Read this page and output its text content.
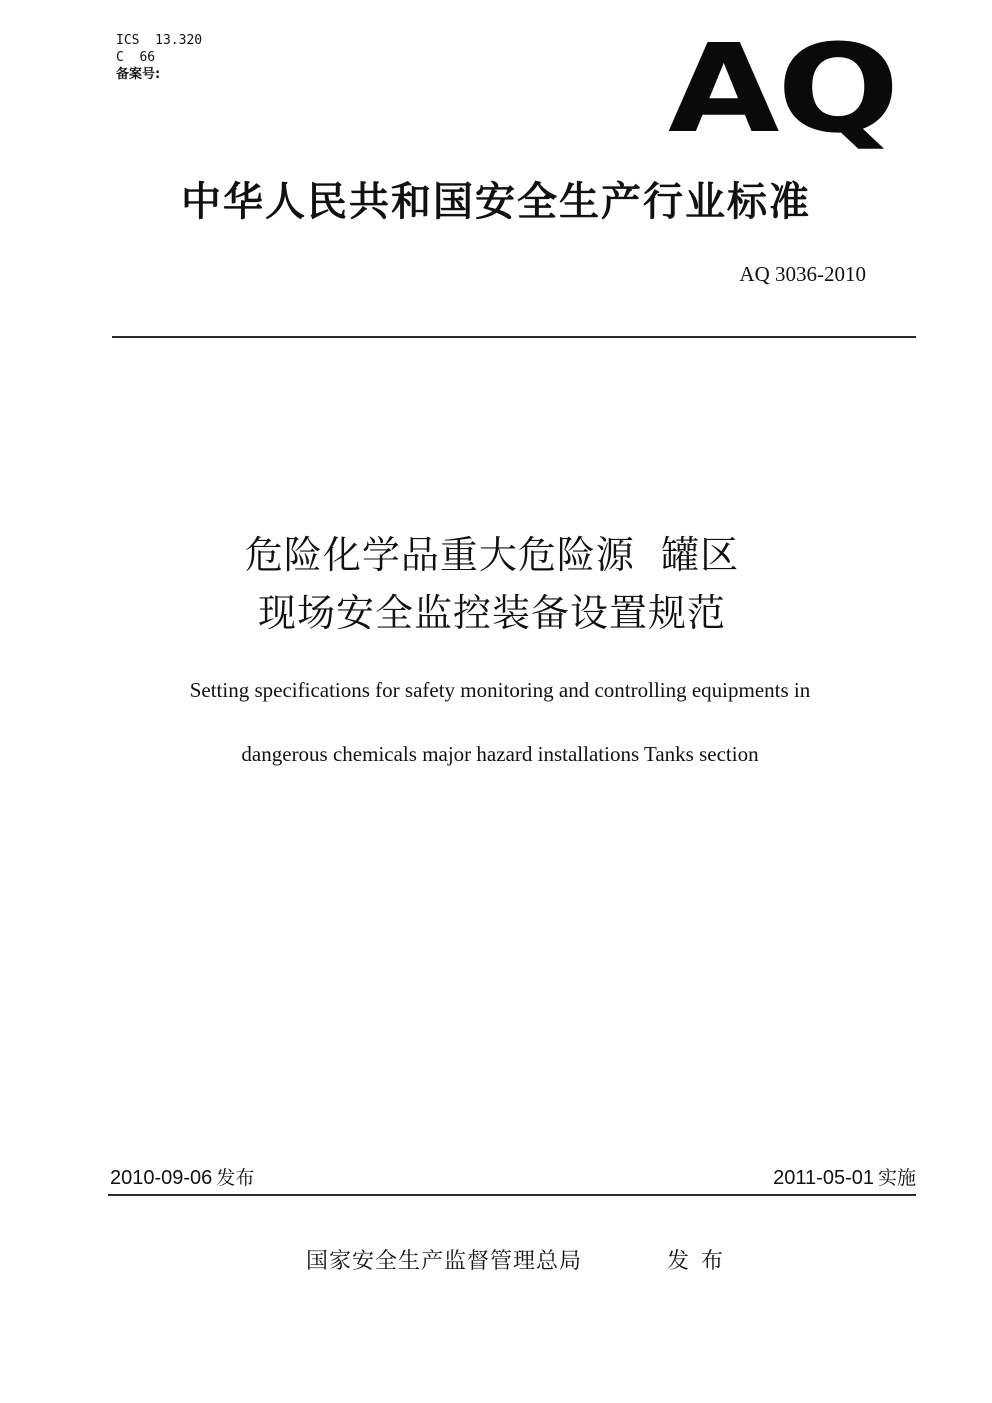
ICS  13.320
C  66
备案号:	AQ
中华人民共和国安全生产行业标准
AQ 3036-2010
危险化学品重大危险源  罐区
现场安全监控装备设置规范
Setting specifications for safety monitoring and controlling equipments in
dangerous chemicals major hazard installations Tanks section
2010-09-06 发布	2011-05-01 实施
国家安全生产监督管理总局	发布
